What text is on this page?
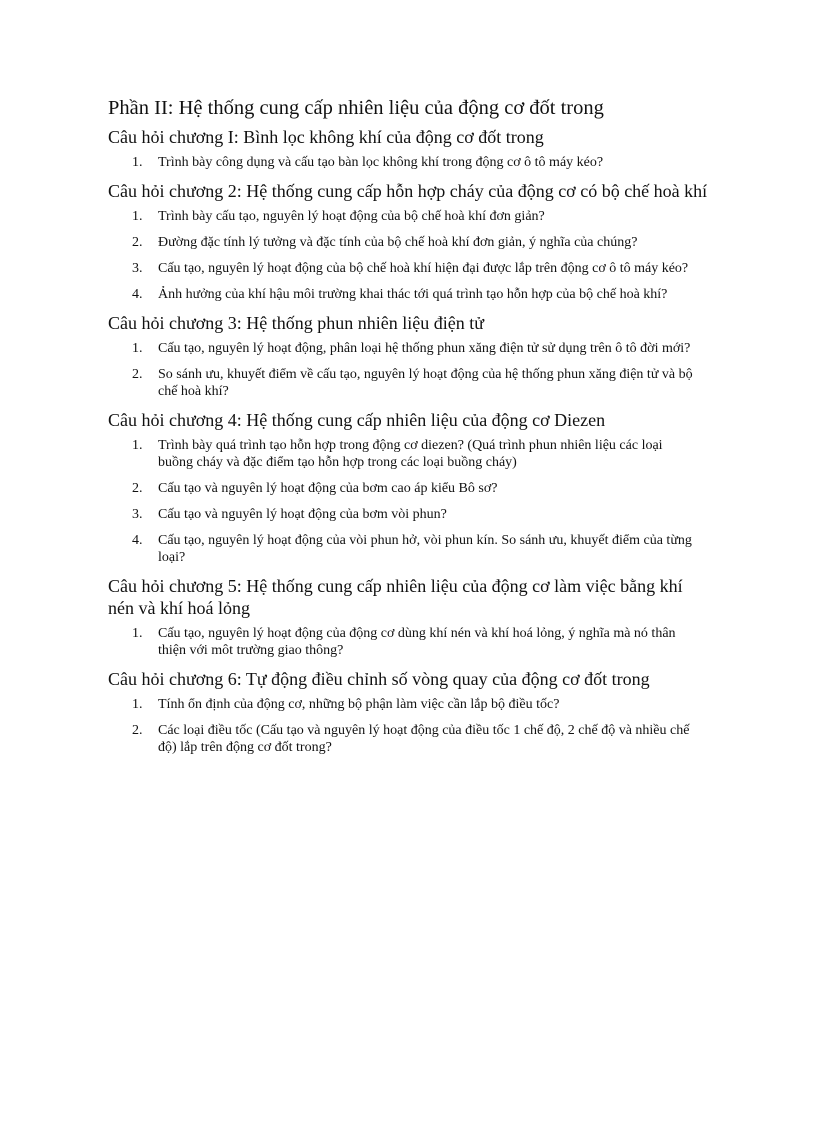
Phần II: Hệ thống cung cấp nhiên liệu của động cơ đốt trong
Câu hỏi chương I: Bình lọc không khí của động cơ đốt trong
1. Trình bày công dụng và cấu tạo bàn lọc không khí trong động cơ ô tô máy kéo?
Câu hỏi chương 2: Hệ thống cung cấp hỗn hợp cháy của động cơ có bộ chế hoà khí
1. Trình bày cấu tạo, nguyên lý hoạt động của bộ chế hoà khí đơn giản?
2. Đường đặc tính lý tưởng và đặc tính của bộ chế hoà khí đơn giản, ý nghĩa của chúng?
3. Cấu tạo, nguyên lý hoạt động của bộ chế hoà khí hiện đại được lắp trên động cơ ô tô máy kéo?
4. Ảnh hưởng của khí hậu môi trường khai thác tới quá trình tạo hỗn hợp của bộ chế hoà khí?
Câu hỏi chương 3: Hệ thống phun nhiên liệu điện tử
1. Cấu tạo, nguyên lý hoạt động, phân loại hệ thống phun xăng điện tử sử dụng trên ô tô đời mới?
2. So sánh ưu, khuyết điểm về cấu tạo, nguyên lý hoạt động của hệ thống phun xăng điện tử và bộ chế hoà khí?
Câu hỏi chương 4: Hệ thống cung cấp nhiên liệu của động cơ Diezen
1. Trình bày quá trình tạo hỗn hợp trong động cơ diezen? (Quá trình phun nhiên liệu các loại buồng cháy và đặc điểm tạo hỗn hợp trong các loại buồng cháy)
2. Cấu tạo và nguyên lý hoạt động của bơm cao áp kiểu Bô sơ?
3. Cấu tạo và nguyên lý hoạt động của bơm vòi phun?
4. Cấu tạo, nguyên lý hoạt động của vòi phun hở, vòi phun kín. So sánh ưu, khuyết điểm của từng loại?
Câu hỏi chương 5: Hệ thống cung cấp nhiên liệu của động cơ làm việc bằng khí nén và khí hoá lỏng
1. Cấu tạo, nguyên lý hoạt động của động cơ dùng khí nén và khí hoá lỏng, ý nghĩa mà nó thân thiện với môt trường giao thông?
Câu hỏi chương 6: Tự động điều chỉnh số vòng quay của động cơ đốt trong
1. Tính ổn định của động cơ, những bộ phận làm việc cần lắp bộ điều tốc?
2. Các loại điều tốc (Cấu tạo và nguyên lý hoạt động của điều tốc 1 chế độ, 2 chế độ và nhiều chế độ) lắp trên động cơ đốt trong?
